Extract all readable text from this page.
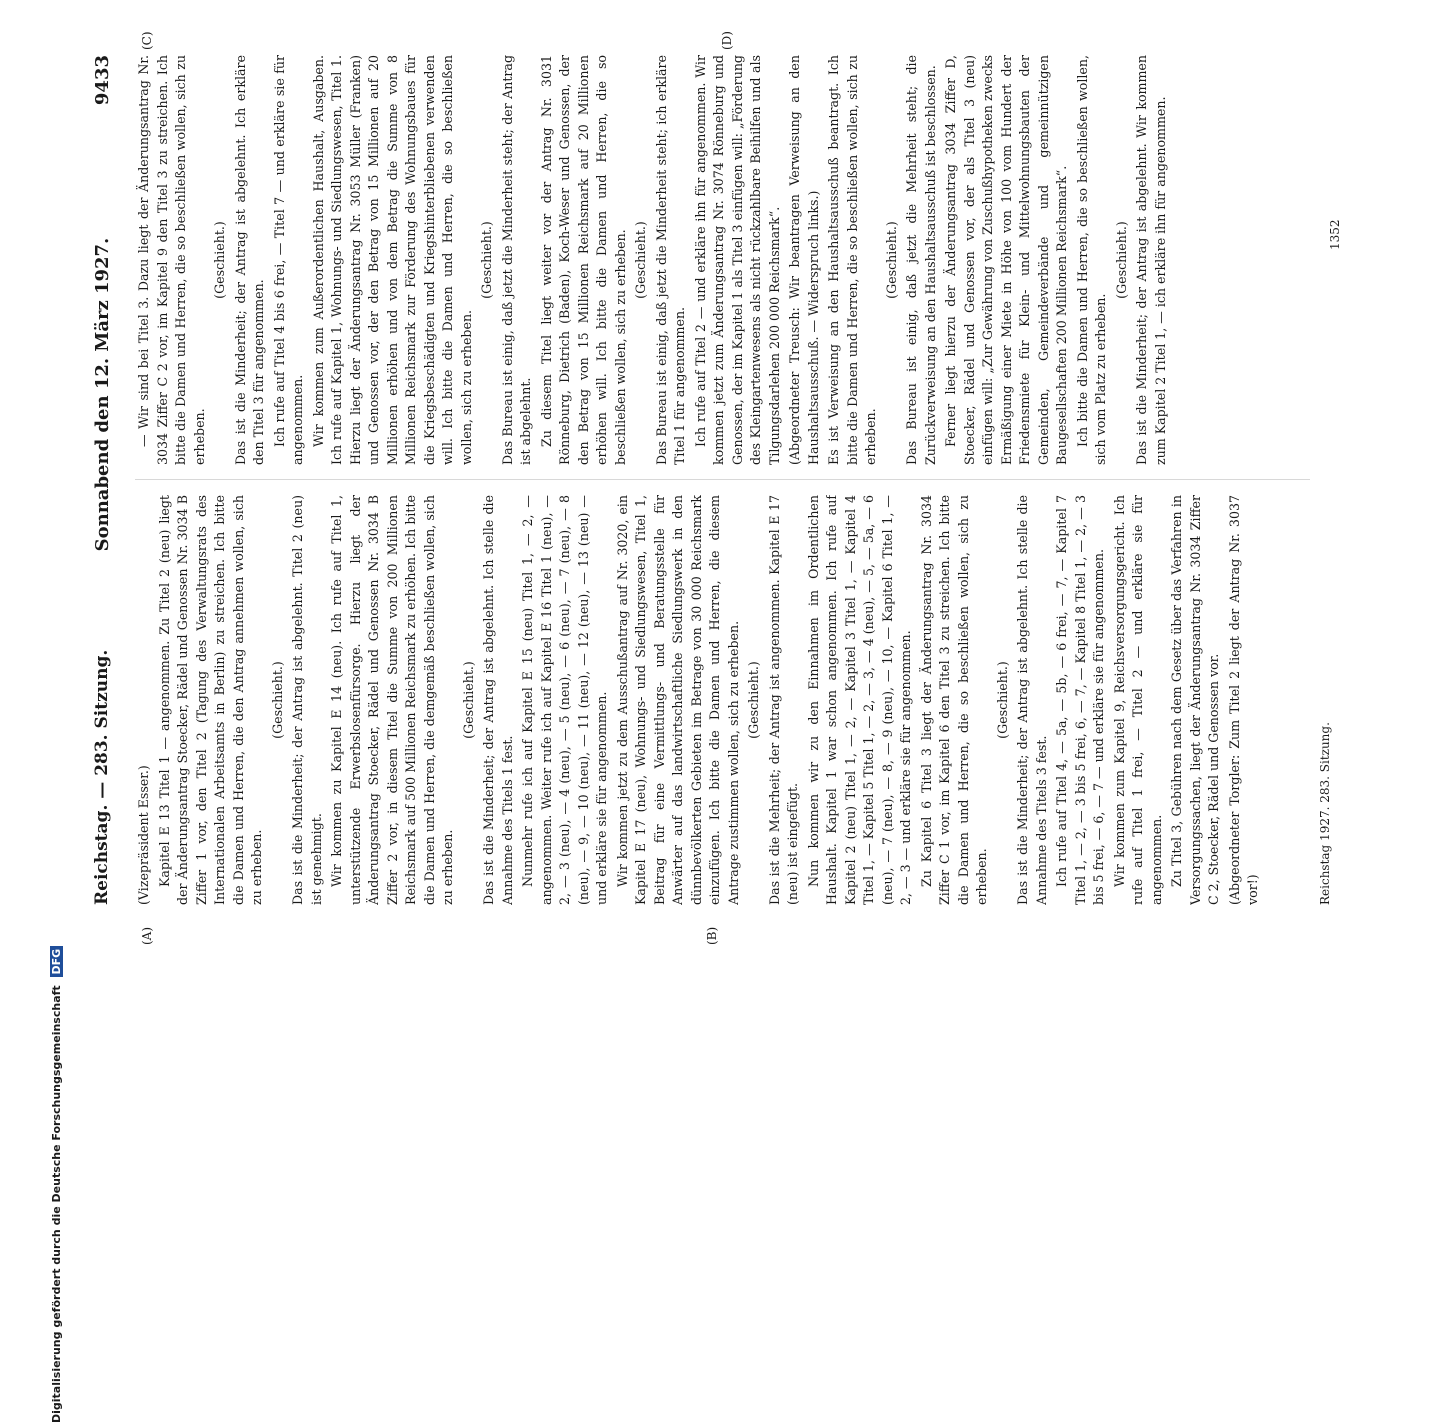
Reichstag. — 283. Sitzung.
Sonnabend den 12. März 1927.  9433
(A)	(B)
(C)	(D)

(Vizepräsident Esser.) Kapitel E 13 Titel 1 — angenommen. Zu Titel 2 (neu) liegt der Änderungsantrag Stoecker, Rädel und Genossen Nr. 3034 B Ziffer 1 vor, den Titel 2 (Tagung des Verwaltungsrats des Internationalen Arbeitsamts in Berlin) zu streichen. Ich bitte die Damen und Herren, die den Antrag annehmen wollen, sich zu erheben.

(Geschieht.) Das ist die Minderheit; der Antrag ist abgelehnt. Titel 2 (neu) ist genehmigt. Wir kommen zu Kapitel E 14 (neu). Ich rufe auf Titel 1, unterstützende Erwerbslosenfürsorge. Hierzu liegt der Änderungsantrag Stoecker, Rädel und Genossen Nr. 3034 B Ziffer 2 vor, in diesem Titel die Summe von 200 Millionen Reichsmark auf 500 Millionen Reichsmark zu erhöhen. Ich bitte die Damen und Herren, die demgemäß beschließen wollen, sich zu erheben.

(Geschieht.) Das ist die Minderheit; der Antrag ist abgelehnt. Ich stelle die Annahme des Titels 1 fest. Nunmehr rufe ich auf Kapitel E 15 (neu) Titel 1, — 2, — angenommen. Weiter rufe ich auf Kapitel E 16 Titel 1 (neu), — 2, — 3 (neu), — 4 (neu), — 5 (neu), — 6 (neu), — 7 (neu), — 8 (neu), — 9, — 10 (neu), — 11 (neu), — 12 (neu), — 13 (neu) — und erkläre sie für angenommen. Wir kommen jetzt zu dem Ausschußantrag auf Nr. 3020, ein Kapitel E 17 (neu), Wohnungs- und Siedlungswesen, Titel 1, Beitrag für eine Vermittlungs- und Beratungsstelle für Anwärter auf das landwirtschaftliche Siedlungswerk in den dünnbevölkerten Gebieten im Betrage von 30 000 Reichsmark einzufügen. Ich bitte die Damen und Herren, die diesem Antrage zustimmen wollen, sich zu erheben. (Geschieht.) Das ist die Mehrheit; der Antrag ist angenommen. Kapitel E 17 (neu) ist eingefügt. Nun kommen wir zu den Einnahmen im Ordentlichen Haushalt. Kapitel 1 war schon angenommen. Ich rufe auf Kapitel 2 (neu) Titel 1, — 2, — Kapitel 3 Titel 1, — Kapitel 4 Titel 1, — Kapitel 5 Titel 1, — 2, — 3, — 4 (neu), — 5, — 5a, — 6 (neu), — 7 (neu), — 8, — 9 (neu), — 10, — Kapitel 6 Titel 1, — 2, — 3 — und erkläre sie für angenommen. Zu Kapitel 6 Titel 3 liegt der Änderungsantrag Nr. 3034 Ziffer C 1 vor, im Kapitel 6 den Titel 3 zu streichen. Ich bitte die Damen und Herren, die so beschließen wollen, sich zu erheben.

(Geschieht.) Das ist die Minderheit; der Antrag ist abgelehnt. Ich stelle die Annahme des Titels 3 fest. Ich rufe auf Titel 4, — 5a, — 5b, — 6 frei, — 7, — Kapitel 7 Titel 1, — 2, — 3 bis 5 frei, 6, — 7, — Kapitel 8 Titel 1, — 2, — 3 bis 5 frei, — 6, — 7 — und erkläre sie für angenommen. Wir kommen zum Kapitel 9, Reichsversorgungsgericht. Ich rufe auf Titel 1 frei, — Titel 2 — und erkläre sie für angenommen. Zu Titel 3, Gebühren nach dem Gesetz über das Verfahren in Versorgungssachen, liegt der Änderungsantrag Nr. 3034 Ziffer C 2, Stoecker, Rädel und Genossen vor. (Abgeordneter Torgler: Zum Titel 2 liegt der Antrag Nr. 3037 vor!)

— Wir sind bei Titel 3. Dazu liegt der Änderungsantrag Nr. 3034 Ziffer C 2 vor, im Kapitel 9 den Titel 3 zu streichen. Ich bitte die Damen und Herren, die so beschließen wollen, sich zu erheben.

(Geschieht.) Das ist die Minderheit; der Antrag ist abgelehnt. Ich erkläre den Titel 3 für angenommen. Ich rufe auf Titel 4 bis 6 frei, — Titel 7 — und erkläre sie für angenommen. Wir kommen zum Außerordentlichen Haushalt, Ausgaben. Ich rufe auf Kapitel 1, Wohnungs- und Siedlungswesen, Titel 1. Hierzu liegt der Änderungsantrag Nr. 3053 Müller (Franken) und Genossen vor, der den Betrag von 15 Millionen auf 20 Millionen erhöhen und von dem Betrag die Summe von 8 Millionen Reichsmark zur Förderung des Wohnungsbaues für die Kriegsbeschädigten und Kriegshinterbliebenen verwenden will. Ich bitte die Damen und Herren, die so beschließen wollen, sich zu erheben.

(Geschieht.) Das Bureau ist einig, daß jetzt die Minderheit steht; der Antrag ist abgelehnt. Zu diesem Titel liegt weiter vor der Antrag Nr. 3031 Rönneburg, Dietrich (Baden), Koch-Weser und Genossen, der den Betrag von 15 Millionen Reichsmark auf 20 Millionen erhöhen will. Ich bitte die Damen und Herren, die so beschließen wollen, sich zu erheben. (Geschieht.) Das Bureau ist einig, daß jetzt die Minderheit steht; ich erkläre Titel 1 für angenommen. Ich rufe auf Titel 2 — und erkläre ihn für angenommen. Wir kommen jetzt zum Änderungsantrag Nr. 3074 Rönneburg und Genossen, der im Kapitel 1 als Titel 3 einfügen will: „Förderung des Kleingartenwesens als nicht rückzahlbare Beihilfen und als Tilgungsdarlehen 200 000 Reichsmark“. (Abgeordneter Treusch: Wir beantragen Verweisung an den Haushaltsausschuß. — Widerspruch links.) Es ist Verweisung an den Haushaltsausschuß beantragt. Ich bitte die Damen und Herren, die so beschließen wollen, sich zu erheben.

(Geschieht.) Das Bureau ist einig, daß jetzt die Mehrheit steht; die Zurückverweisung an den Haushaltsausschuß ist beschlossen. Ferner liegt hierzu der Änderungsantrag 3034 Ziffer D, Stoecker, Rädel und Genossen vor, der als Titel 3 (neu) einfügen will: „Zur Gewährung von Zuschußhypotheken zwecks Ermäßigung einer Miete in Höhe von 100 vom Hundert der Friedensmiete für Klein- und Mittelwohnungsbauten der Gemeinden, Gemeindeverbände und gemeinnützigen Baugesellschaften 200 Millionen Reichsmark“. Ich bitte die Damen und Herren, die so beschließen wollen, sich vom Platz zu erheben.

(Geschieht.) Das ist die Minderheit; der Antrag ist abgelehnt. Wir kommen zum Kapitel 2 Titel 1, — ich erkläre ihn für angenommen.

Reichstag 1927. 283. Sitzung.
1352
Digitalisierung gefördert durch die Deutsche Forschungsgemeinschaft DFG
